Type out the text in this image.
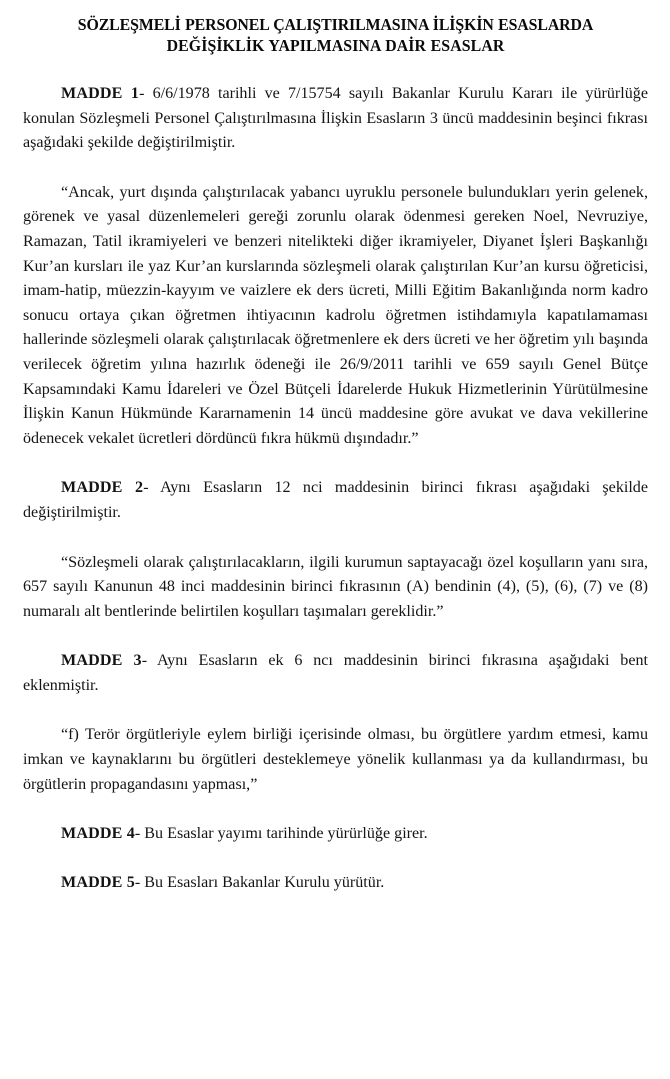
SÖZLEŞMELİ PERSONEL ÇALIŞTIRILMASINA İLİŞKİN ESASLARDA
DEĞİŞİKLİK YAPILMASINA DAİR ESASLAR

MADDE 1- 6/6/1978 tarihli ve 7/15754 sayılı Bakanlar Kurulu Kararı ile yürürlüğe konulan Sözleşmeli Personel Çalıştırılmasına İlişkin Esasların 3 üncü maddesinin beşinci fıkrası aşağıdaki şekilde değiştirilmiştir.

“Ancak, yurt dışında çalıştırılacak yabancı uyruklu personele bulundukları yerin gelenek, görenek ve yasal düzenlemeleri gereği zorunlu olarak ödenmesi gereken Noel, Nevruziye, Ramazan, Tatil ikramiyeleri ve benzeri nitelikteki diğer ikramiyeler, Diyanet İşleri Başkanlığı Kur’an kursları ile yaz Kur’an kurslarında sözleşmeli olarak çalıştırılan Kur’an kursu öğreticisi, imam-hatip, müezzin-kayyım ve vaizlere ek ders ücreti, Milli Eğitim Bakanlığında norm kadro sonucu ortaya çıkan öğretmen ihtiyacının kadrolu öğretmen istihdamıyla kapatılamaması hallerinde sözleşmeli olarak çalıştırılacak öğretmenlere ek ders ücreti ve her öğretim yılı başında verilecek öğretim yılına hazırlık ödeneği ile 26/9/2011 tarihli ve 659 sayılı Genel Bütçe Kapsamındaki Kamu İdareleri ve Özel Bütçeli İdarelerde Hukuk Hizmetlerinin Yürütülmesine İlişkin Kanun Hükmünde Kararnamenin 14 üncü maddesine göre avukat ve dava vekillerine ödenecek vekalet ücretleri dördüncü fıkra hükmü dışındadır.”

MADDE 2- Aynı Esasların 12 nci maddesinin birinci fıkrası aşağıdaki şekilde değiştirilmiştir.

“Sözleşmeli olarak çalıştırılacakların, ilgili kurumun saptayacağı özel koşulların yanı sıra, 657 sayılı Kanunun 48 inci maddesinin birinci fıkrasının (A) bendinin (4), (5), (6), (7) ve (8) numaralı alt bentlerinde belirtilen koşulları taşımaları gereklidir.”

MADDE 3- Aynı Esasların ek 6 ncı maddesinin birinci fıkrasına aşağıdaki bent eklenmiştir.

“f) Terör örgütleriyle eylem birliği içerisinde olması, bu örgütlere yardım etmesi, kamu imkan ve kaynaklarını bu örgütleri desteklemeye yönelik kullanması ya da kullandırması, bu örgütlerin propagandasını yapması,”

MADDE 4- Bu Esaslar yayımı tarihinde yürürlüğe girer.

MADDE 5- Bu Esasları Bakanlar Kurulu yürütür.
